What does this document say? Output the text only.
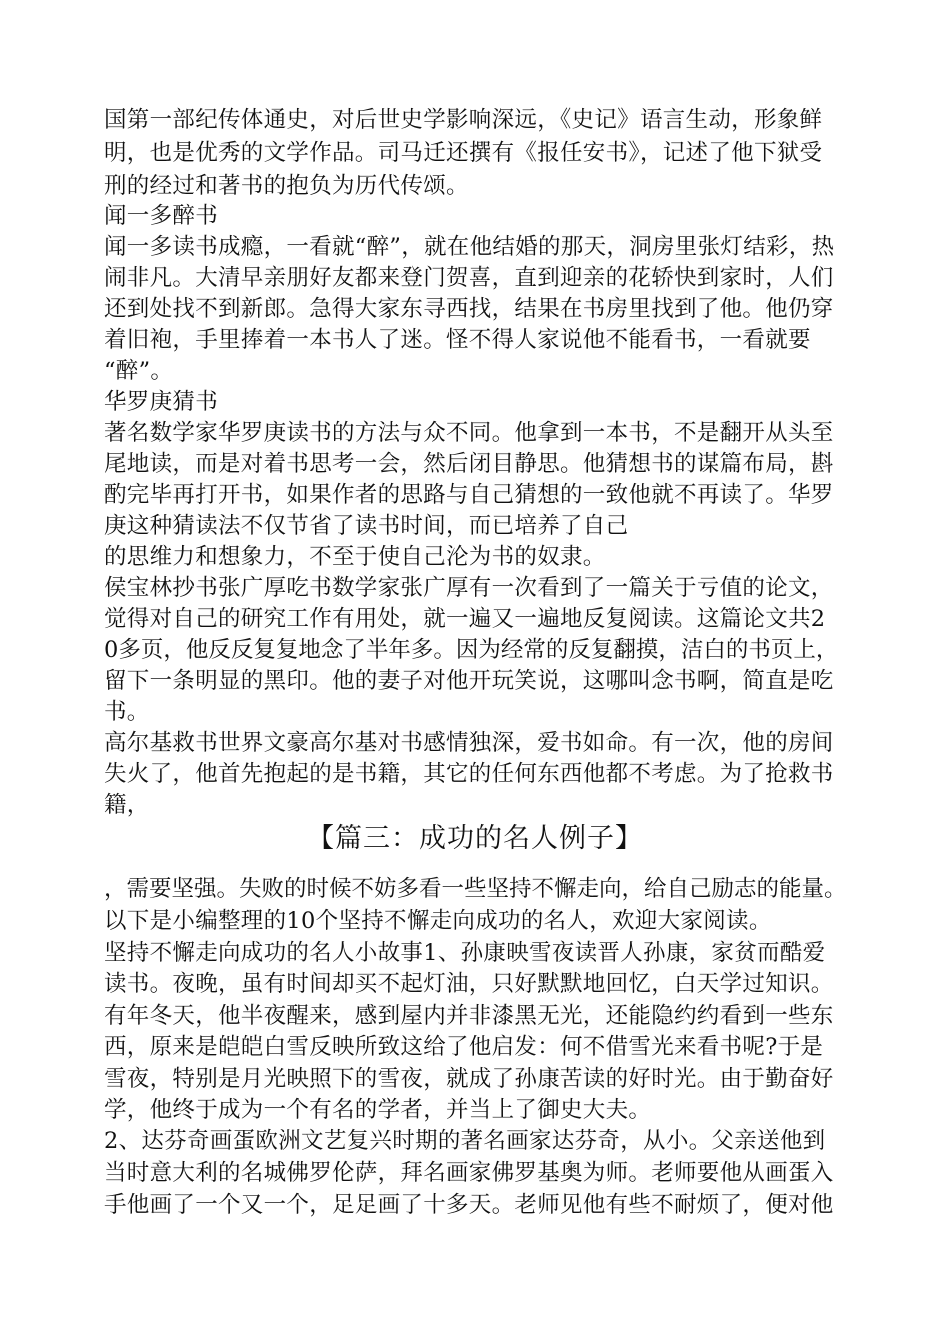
国第一部纪传体通史，对后世史学影响深远，《史记》语言生动，形象鲜
明，也是优秀的文学作品。司马迁还撰有《报任安书》，记述了他下狱受
刑的经过和著书的抱负为历代传颂。
闻一多醉书
闻一多读书成瘾，一看就“醉”，就在他结婚的那天，洞房里张灯结彩，热
闹非凡。大清早亲朋好友都来登门贺喜，直到迎亲的花轿快到家时，人们
还到处找不到新郎。急得大家东寻西找，结果在书房里找到了他。他仍穿
着旧袍，手里捧着一本书人了迷。怪不得人家说他不能看书，一看就要
“醉”。
华罗庚猜书
著名数学家华罗庚读书的方法与众不同。他拿到一本书，不是翻开从头至
尾地读，而是对着书思考一会，然后闭目静思。他猜想书的谋篇布局，斟
酌完毕再打开书，如果作者的思路与自己猜想的一致他就不再读了。华罗
庚这种猜读法不仅节省了读书时间，而已培养了自己
的思维力和想象力，不至于使自己沦为书的奴隶。
侯宝林抄书张广厚吃书数学家张广厚有一次看到了一篇关于亏值的论文，
觉得对自己的研究工作有用处，就一遍又一遍地反复阅读。这篇论文共2
0多页，他反反复复地念了半年多。因为经常的反复翻摸，洁白的书页上，
留下一条明显的黑印。他的妻子对他开玩笑说，这哪叫念书啊，简直是吃
书。
高尔基救书世界文豪高尔基对书感情独深，爱书如命。有一次，他的房间
失火了，他首先抱起的是书籍，其它的任何东西他都不考虑。为了抢救书
籍，
【篇三：成功的名人例子】
，需要坚强。失败的时候不妨多看一些坚持不懈走向，给自己励志的能量。
以下是小编整理的10个坚持不懈走向成功的名人，欢迎大家阅读。
坚持不懈走向成功的名人小故事1、孙康映雪夜读晋人孙康，家贫而酷爱
读书。夜晚，虽有时间却买不起灯油，只好默默地回忆，白天学过知识。
有年冬天，他半夜醒来，感到屋内并非漆黑无光，还能隐约约看到一些东
西，原来是皑皑白雪反映所致这给了他启发：何不借雪光来看书呢?于是
雪夜，特别是月光映照下的雪夜，就成了孙康苦读的好时光。由于勤奋好
学，他终于成为一个有名的学者，并当上了御史大夫。
2、达芬奇画蛋欧洲文艺复兴时期的著名画家达芬奇，从小。父亲送他到
当时意大利的名城佛罗伦萨，拜名画家佛罗基奥为师。老师要他从画蛋入
手他画了一个又一个，足足画了十多天。老师见他有些不耐烦了，便对他
